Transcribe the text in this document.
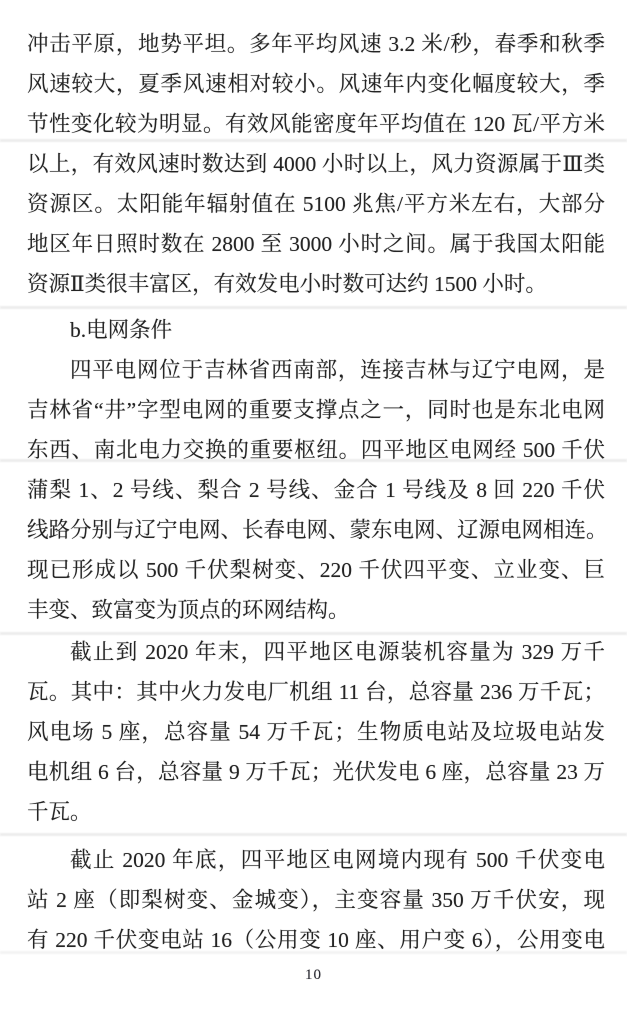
冲击平原，地势平坦。多年平均风速 3.2 米/秒，春季和秋季
风速较大，夏季风速相对较小。风速年内变化幅度较大，季
节性变化较为明显。有效风能密度年平均值在 120 瓦/平方米
以上，有效风速时数达到 4000 小时以上，风力资源属于Ⅲ类
资源区。太阳能年辐射值在 5100 兆焦/平方米左右，大部分
地区年日照时数在 2800 至 3000 小时之间。属于我国太阳能
资源Ⅱ类很丰富区，有效发电小时数可达约 1500 小时。
b.电网条件
四平电网位于吉林省西南部，连接吉林与辽宁电网，是
吉林省“井”字型电网的重要支撑点之一，同时也是东北电网
东西、南北电力交换的重要枢纽。四平地区电网经 500 千伏
蒲梨 1、2 号线、梨合 2 号线、金合 1 号线及 8 回 220 千伏
线路分别与辽宁电网、长春电网、蒙东电网、辽源电网相连。
现已形成以 500 千伏梨树变、220 千伏四平变、立业变、巨
丰变、致富变为顶点的环网结构。
截止到 2020 年末，四平地区电源装机容量为 329 万千
瓦。其中：其中火力发电厂机组 11 台，总容量 236 万千瓦；
风电场 5 座，总容量 54 万千瓦；生物质电站及垃圾电站发
电机组 6 台，总容量 9 万千瓦；光伏发电 6 座，总容量 23 万
千瓦。
截止 2020 年底，四平地区电网境内现有 500 千伏变电
站 2 座（即梨树变、金城变），主变容量 350 万千伏安，现
有 220 千伏变电站 16（公用变 10 座、用户变 6），公用变电
10
